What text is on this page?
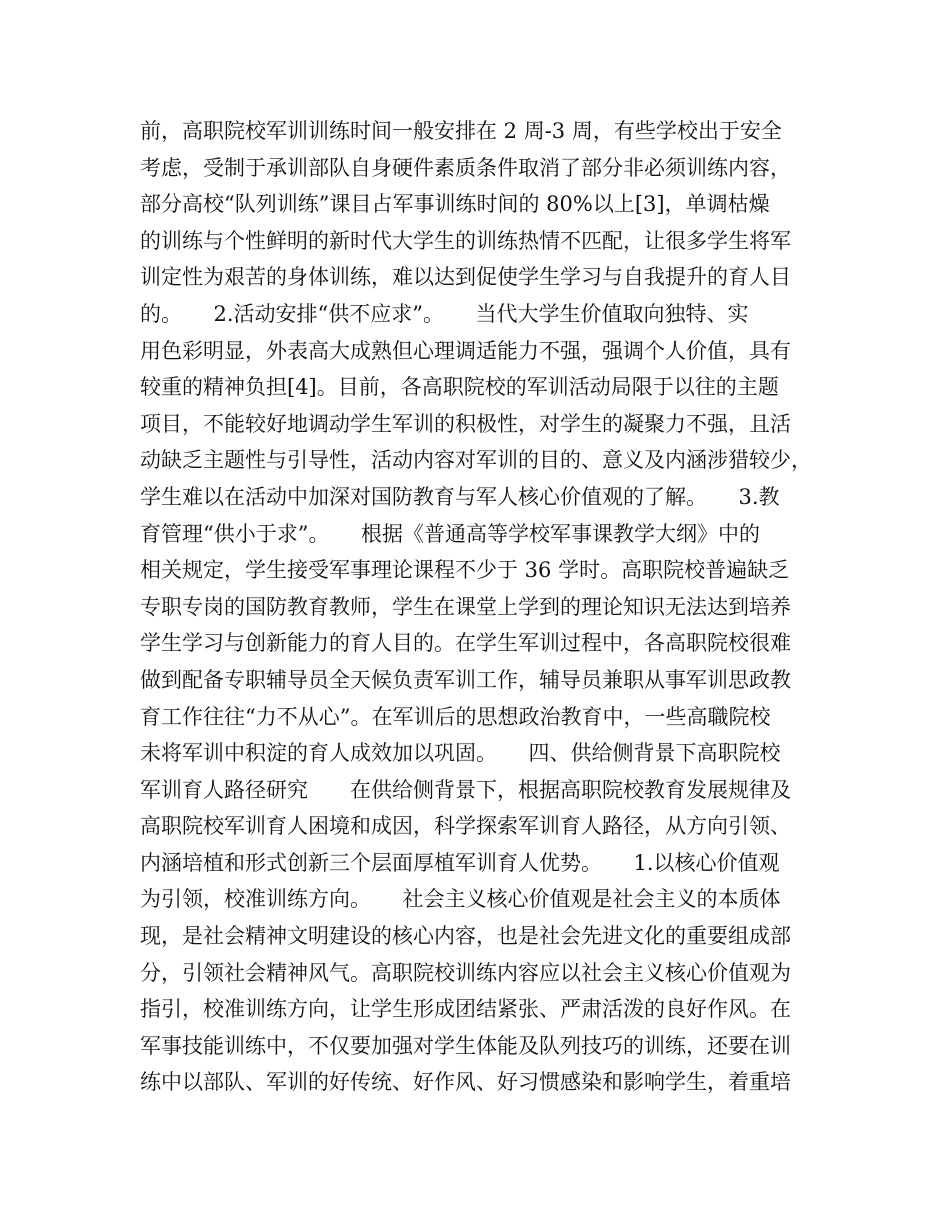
前，高职院校军训训练时间一般安排在 2 周-3 周，有些学校出于安全
考虑，受制于承训部队自身硬件素质条件取消了部分非必须训练内容，
部分高校“队列训练”课目占军事训练时间的 80%以上[3]，单调枯燥
的训练与个性鲜明的新时代大学生的训练热情不匹配，让很多学生将军
训定性为艰苦的身体训练，难以达到促使学生学习与自我提升的育人目
的。　　2.活动安排“供不应求”。　　当代大学生价值取向独特、实
用色彩明显，外表高大成熟但心理调适能力不强，强调个人价值，具有
较重的精神负担[4]。目前，各高职院校的军训活动局限于以往的主题
项目，不能较好地调动学生军训的积极性，对学生的凝聚力不强，且活
动缺乏主题性与引导性，活动内容对军训的目的、意义及内涵涉猎较少，
学生难以在活动中加深对国防教育与军人核心价值观的了解。　　3.教
育管理“供小于求”。　　根据《普通高等学校军事课教学大纲》中的
相关规定，学生接受军事理论课程不少于 36 学时。高职院校普遍缺乏
专职专岗的国防教育教师，学生在课堂上学到的理论知识无法达到培养
学生学习与创新能力的育人目的。在学生军训过程中，各高职院校很难
做到配备专职辅导员全天候负责军训工作，辅导员兼职从事军训思政教
育工作往往“力不从心”。在军训后的思想政治教育中，一些高職院校
未将军训中积淀的育人成效加以巩固。　　四、供给侧背景下高职院校
军训育人路径研究　　在供给侧背景下，根据高职院校教育发展规律及
高职院校军训育人困境和成因，科学探索军训育人路径，从方向引领、
内涵培植和形式创新三个层面厚植军训育人优势。　　1.以核心价值观
为引领，校准训练方向。　　社会主义核心价值观是社会主义的本质体
现，是社会精神文明建设的核心内容，也是社会先进文化的重要组成部
分，引领社会精神风气。高职院校训练内容应以社会主义核心价值观为
指引，校准训练方向，让学生形成团结紧张、严肃活泼的良好作风。在
军事技能训练中，不仅要加强对学生体能及队列技巧的训练，还要在训
练中以部队、军训的好传统、好作风、好习惯感染和影响学生，着重培
